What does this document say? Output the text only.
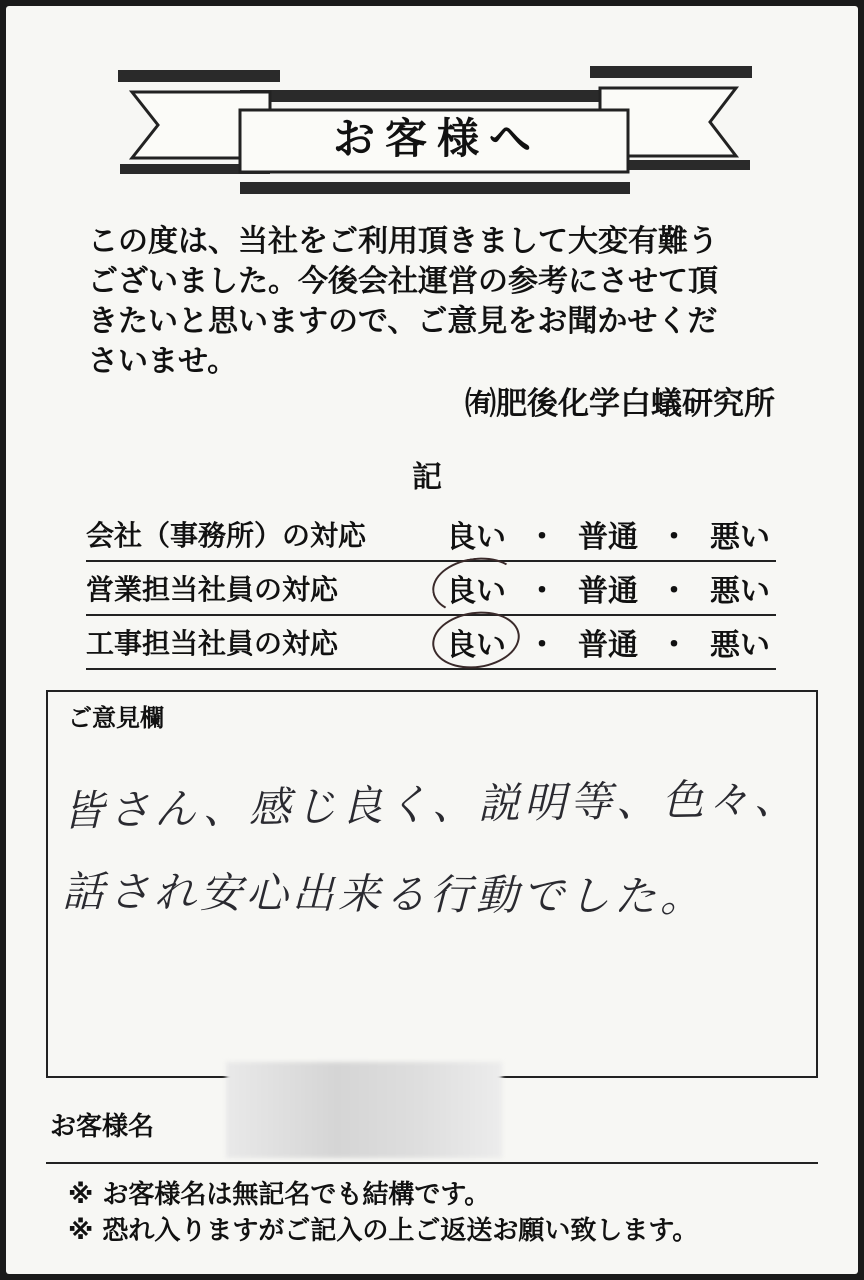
お客様へ

この度は、当社をご利用頂きまして大変有難う
ございました。今後会社運営の参考にさせて頂
きたいと思いますので、ご意見をお聞かせくだ
さいませ。

㈲肥後化学白蟻研究所
記
会社（事務所）の対応	良い ・ 普通 ・ 悪い
営業担当社員の対応	良い ・ 普通 ・ 悪い
工事担当社員の対応	良い ・ 普通 ・ 悪い
ご意見欄
皆さん、感じ良く、説明等、色々、
話され安心出来る行動でした。
お客様名
※ お客様名は無記名でも結構です。
※ 恐れ入りますがご記入の上ご返送お願い致します。
